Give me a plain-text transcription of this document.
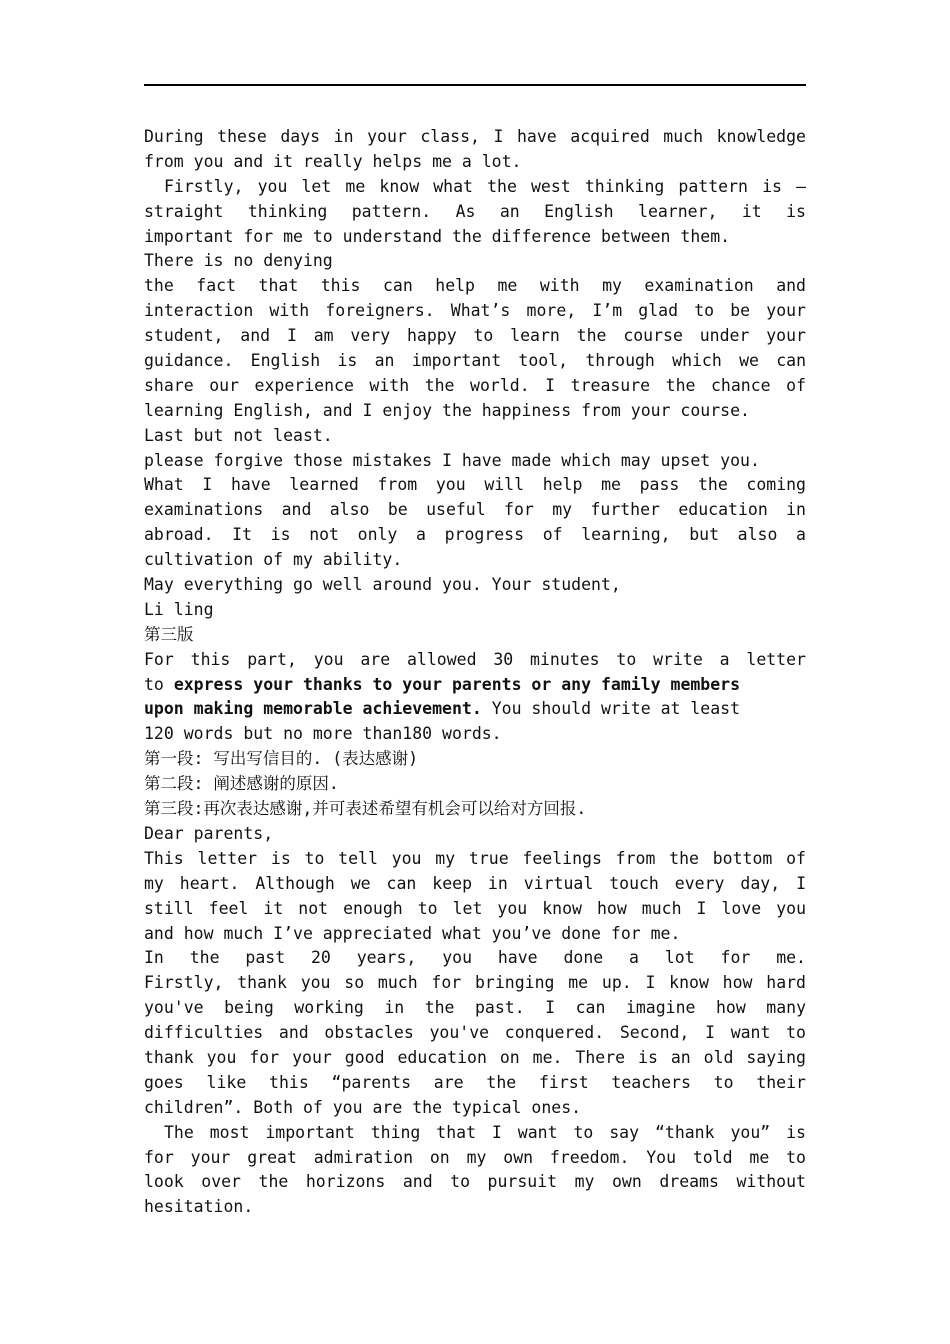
During these days in your class, I have acquired much knowledge
from you and it really helps me a lot.
Firstly, you let me know what the west thinking pattern is —
straight thinking pattern. As an English learner, it is
important for me to understand the difference between them.
There is no denying
the fact that this can help me with my examination and
interaction with foreigners. What’s more, I’m glad to be your
student, and I am very happy to learn the course under your
guidance. English is an important tool, through which we can
share our experience with the world. I treasure the chance of
learning English, and I enjoy the happiness from your course.
Last but not least.
please forgive those mistakes I have made which may upset you.
What I have learned from you will help me pass the coming
examinations and also be useful for my further education in
abroad. It is not only a progress of learning, but also a
cultivation of my ability.
May everything go well around you. Your student,
Li ling
第三版
For this part, you are allowed 30 minutes to write a letter
to express your thanks to your parents or any family members
upon making memorable achievement. You should write at least
120 words but no more than180 words.
第一段: 写出写信目的. (表达感谢)
第二段: 阐述感谢的原因.
第三段:再次表达感谢,并可表述希望有机会可以给对方回报.
Dear parents,
This letter is to tell you my true feelings from the bottom of
my heart. Although we can keep in virtual touch every day, I
still feel it not enough to let you know how much I love you
and how much I’ve appreciated what you’ve done for me.
In the past 20 years, you have done a lot for me.
Firstly, thank you so much for bringing me up. I know how hard
you've being working in the past. I can imagine how many
difficulties and obstacles you've conquered. Second, I want to
thank you for your good education on me. There is an old saying
goes like this “parents are the first teachers to their
children”. Both of you are the typical ones.
The most important thing that I want to say “thank you” is
for your great admiration on my own freedom. You told me to
look over the horizons and to pursuit my own dreams without
hesitation.
